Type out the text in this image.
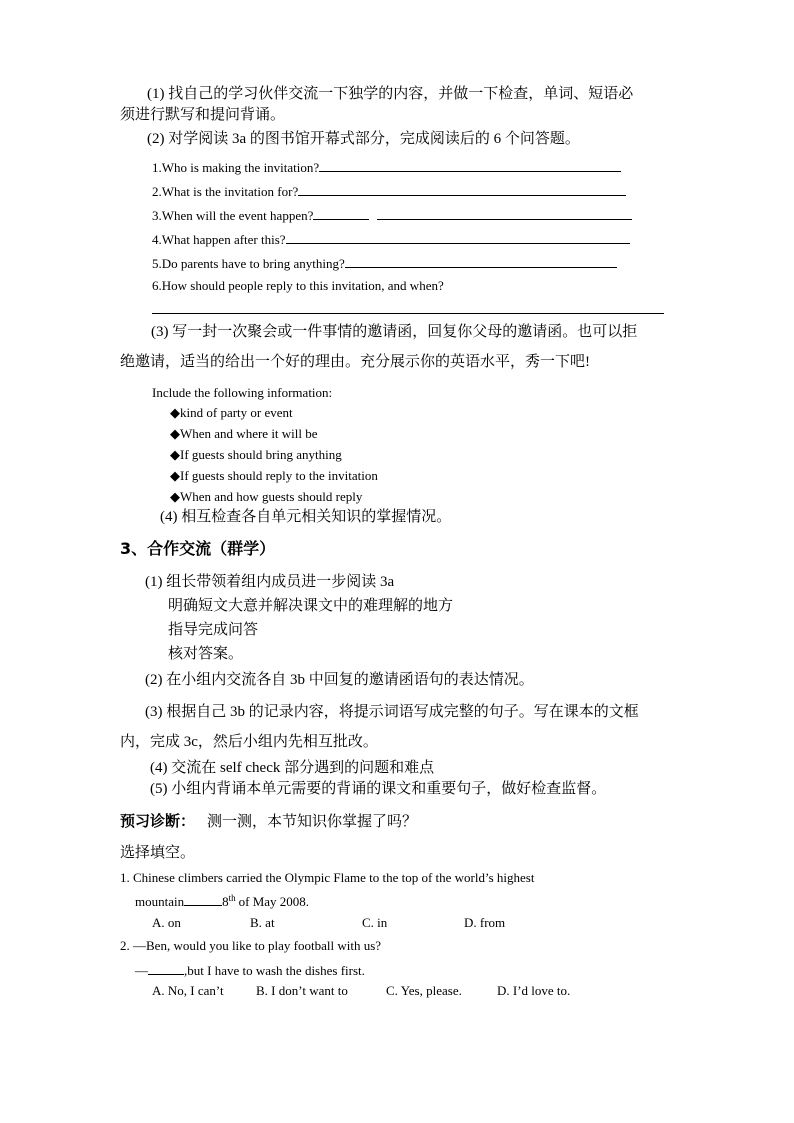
(1) 找自己的学习伙伴交流一下独学的内容，并做一下检查，单词、短语必
须进行默写和提问背诵。
(2) 对学阅读 3a 的图书馆开幕式部分，完成阅读后的 6 个问答题。
1.Who is making the invitation?
2.What is the invitation for?
3.When will the event happen?
4.What happen after this?
5.Do parents have to bring anything?
6.How should people reply to this invitation, and when?
(3) 写一封一次聚会或一件事情的邀请函，回复你父母的邀请函。也可以拒
绝邀请，适当的给出一个好的理由。充分展示你的英语水平，秀一下吧!
Include the following information:
◆kind of party or event
◆When and where it will be
◆If guests should bring anything
◆If guests should reply to the invitation
◆When and how guests should reply
(4) 相互检查各自单元相关知识的掌握情况。
3、合作交流（群学）
(1) 组长带领着组内成员进一步阅读 3a
明确短文大意并解决课文中的难理解的地方
指导完成问答
核对答案。
(2) 在小组内交流各自 3b 中回复的邀请函语句的表达情况。
(3) 根据自己 3b 的记录内容，将提示词语写成完整的句子。写在课本的文框
内，完成 3c，然后小组内先相互批改。
(4) 交流在 self check 部分遇到的问题和难点
(5) 小组内背诵本单元需要的背诵的课文和重要句子，做好检查监督。
预习诊断： 测一测，本节知识你掌握了吗？
选择填空。
1. Chinese climbers carried the Olympic Flame to the top of the world’s highest
mountain	8th of May 2008.
A. on	B. at	C. in	D. from
2. —Ben, would you like to play football with us?
—	,but I have to wash the dishes first.
A. No, I can’t B. I don’t want to	C. Yes, please.	D. I’d love to.
